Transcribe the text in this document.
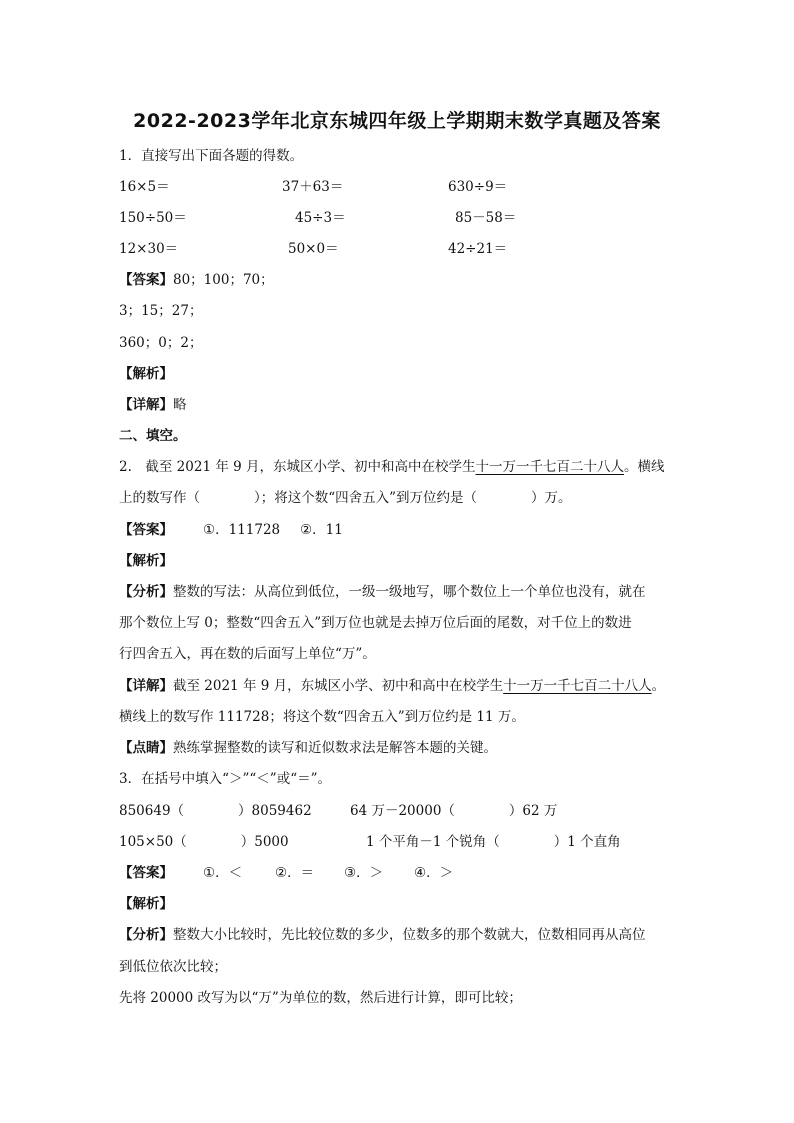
2022-2023学年北京东城四年级上学期期末数学真题及答案
1．直接写出下面各题的得数。
16×5＝	37＋63＝	630÷9＝
150÷50＝	45÷3＝	85－58＝
12×30＝	50×0＝	42÷21＝
【答案】80；100；70；
3；15；27；
360；0；2；
【解析】
【详解】略
二、填空。
2.　截至 2021 年 9 月，东城区小学、初中和高中在校学生十一万一千七百二十八人。横线
上的数写作（　　　　）；将这个数“四舍五入”到万位约是（　　　　）万。
【答案】 ①．111728 ②．11
【解析】
【分析】整数的写法：从高位到低位，一级一级地写，哪个数位上一个单位也没有，就在
那个数位上写 0；整数“四舍五入”到万位也就是去掉万位后面的尾数，对千位上的数进
行四舍五入，再在数的后面写上单位“万”。
【详解】截至 2021 年 9 月，东城区小学、初中和高中在校学生十一万一千七百二十八人。
横线上的数写作 111728；将这个数“四舍五入”到万位约是 11 万。
【点睛】熟练掌握整数的读写和近似数求法是解答本题的关键。
3．在括号中填入“＞”“＜”或“＝”。
850649（　　　　）8059462	64 万－20000（　　　　）62 万
105×50（　　　　）5000	1 个平角－1 个锐角（　　　　）1 个直角
【答案】 ①．＜ ②．＝ ③．＞ ④．＞
【解析】
【分析】整数大小比较时，先比较位数的多少，位数多的那个数就大，位数相同再从高位
到低位依次比较；
先将 20000 改写为以“万”为单位的数，然后进行计算，即可比较；
